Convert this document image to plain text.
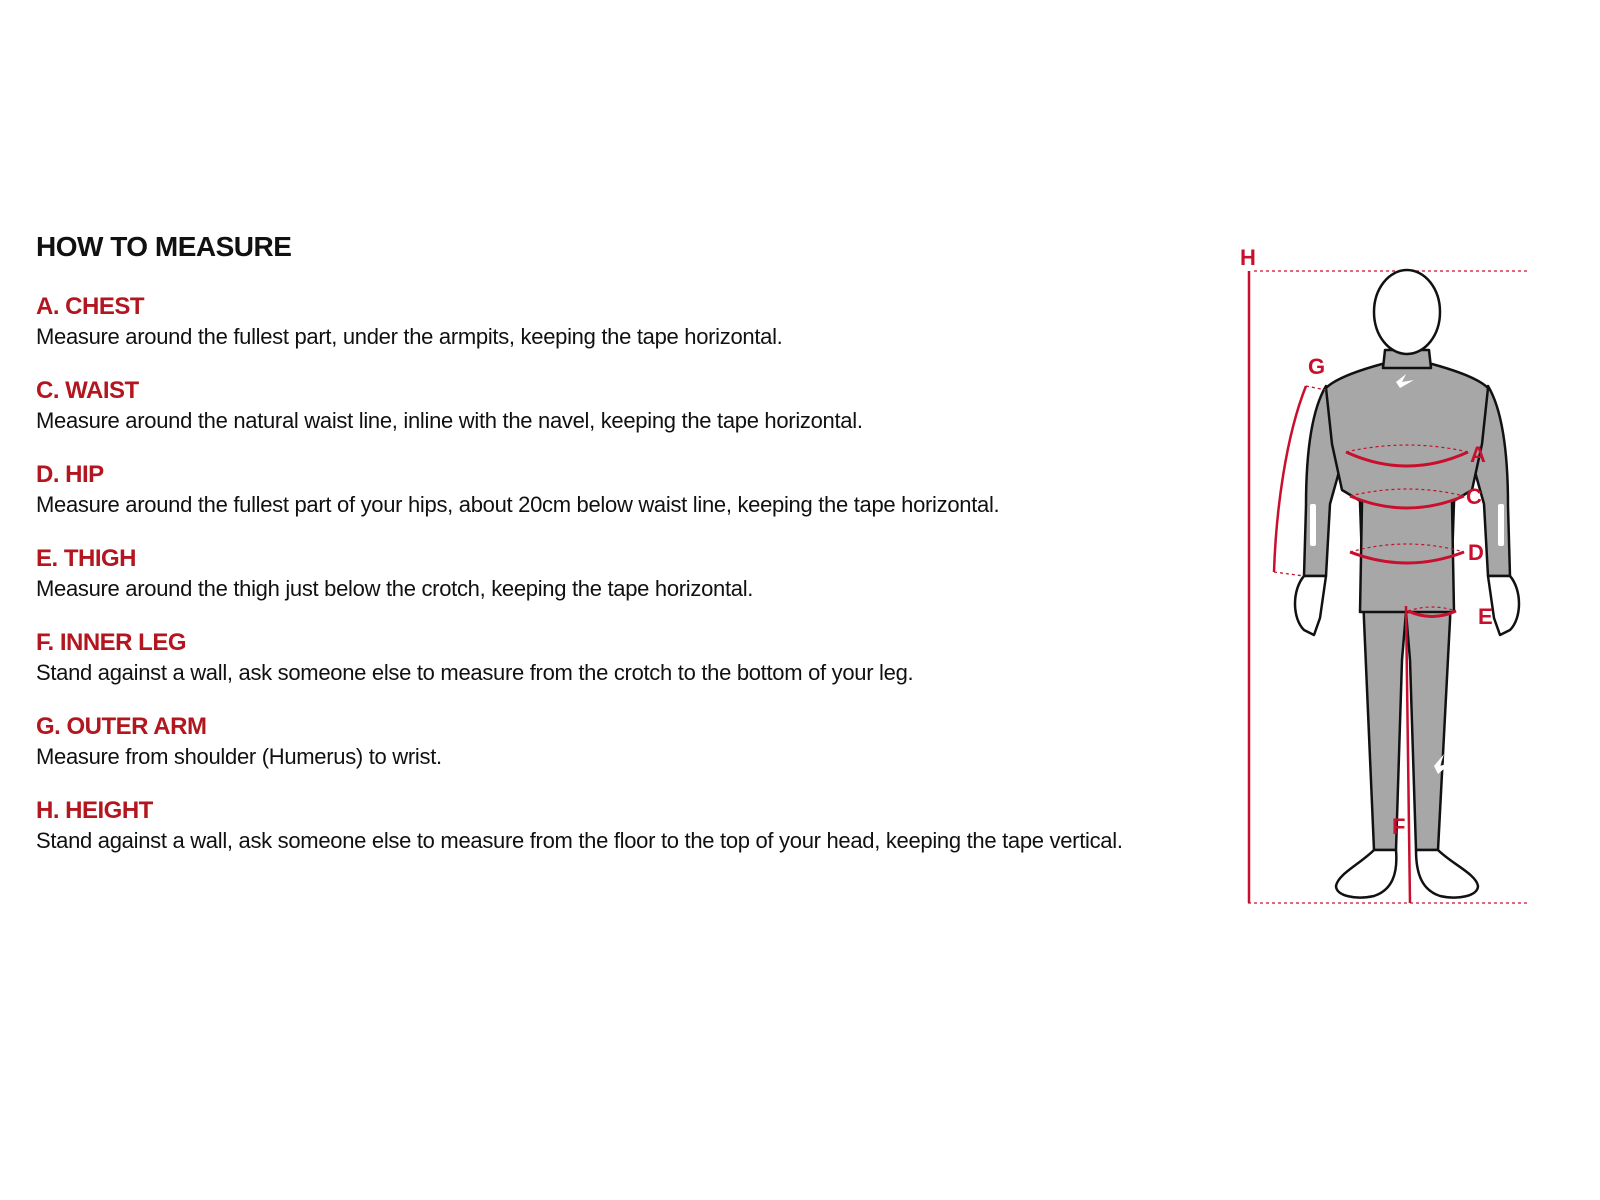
HOW TO MEASURE
A. CHEST
Measure around the fullest part, under the armpits, keeping the tape horizontal.
C. WAIST
Measure around the natural waist line, inline with the navel, keeping the tape horizontal.
D. HIP
Measure around the fullest part of your hips, about 20cm below waist line, keeping the tape horizontal.
E. THIGH
Measure around the thigh just below the crotch, keeping the tape horizontal.
F. INNER LEG
Stand against a wall, ask someone else to measure from the crotch to the bottom of your leg.
G. OUTER ARM
Measure from shoulder (Humerus) to wrist.
H. HEIGHT
Stand against a wall, ask someone else to measure from the floor to the top of your head, keeping the tape vertical.
H
G
A
C
D
E
F
